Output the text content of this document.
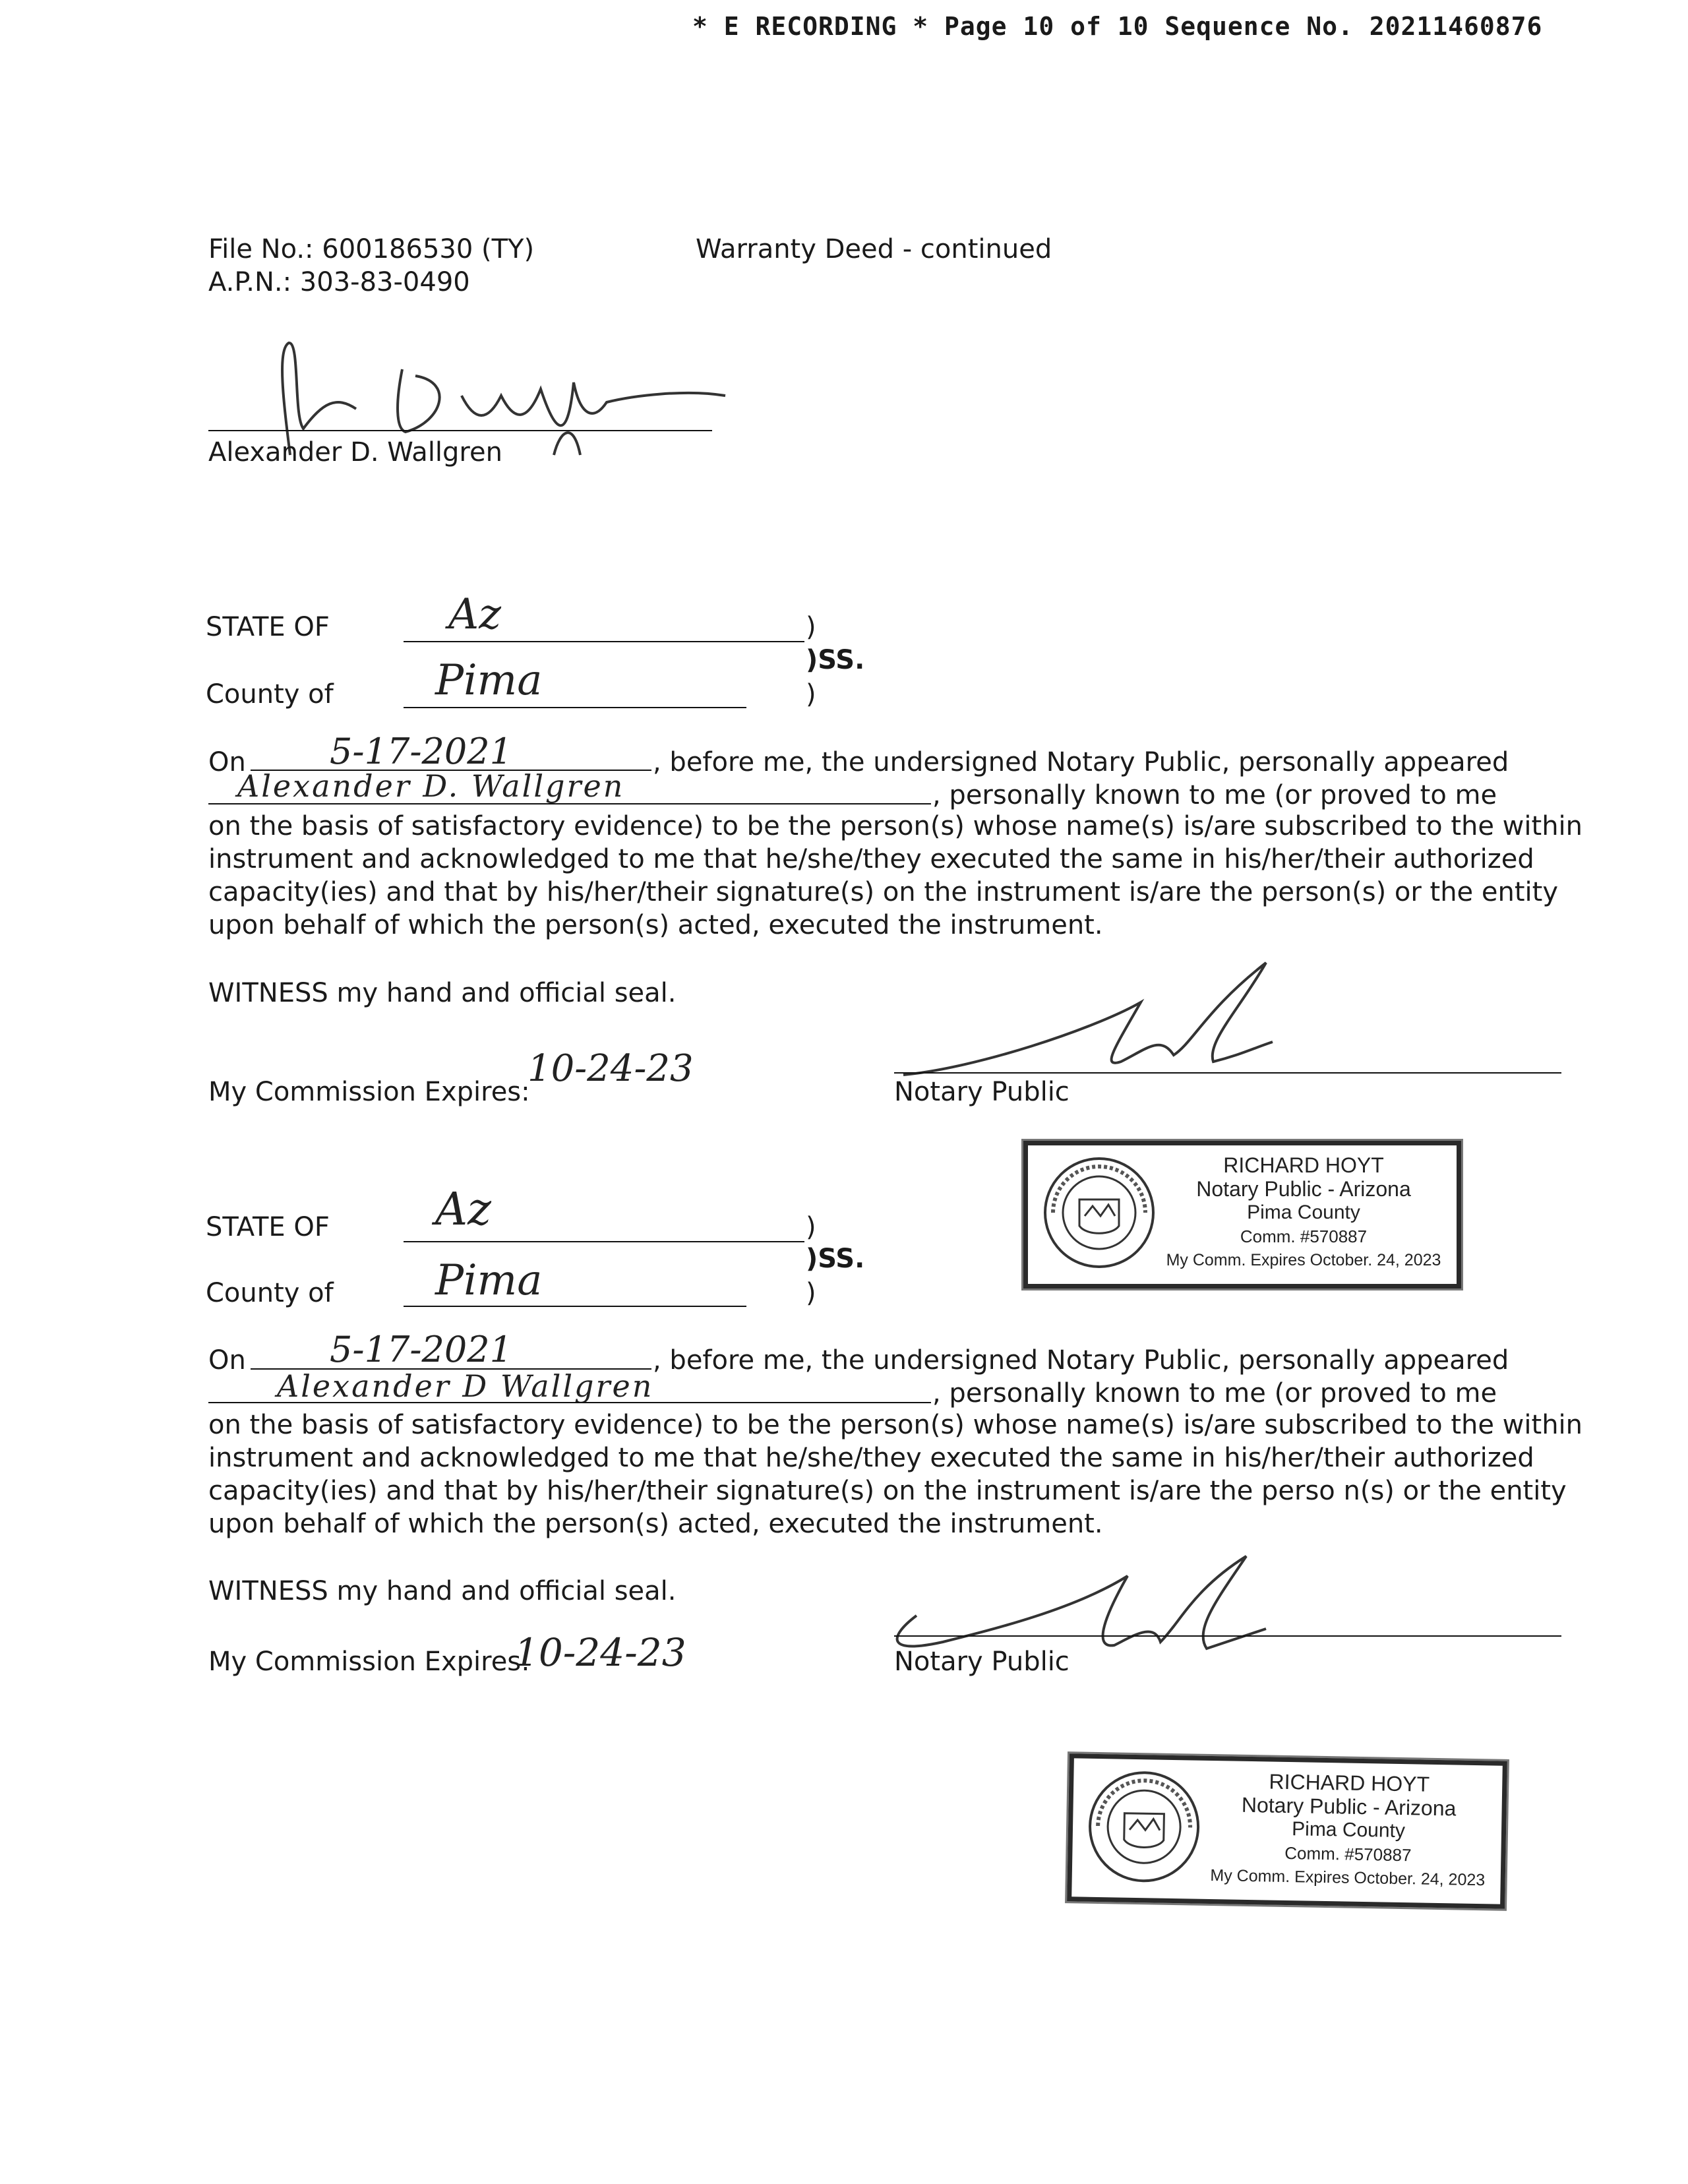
* E RECORDING * Page 10 of 10 Sequence No. 20211460876
File No.: 600186530 (TY)
A.P.N.: 303-83-0490
Warranty Deed - continued
Alexander D. Wallgren
STATE OF	Az	)
)SS.
County of Pima	)
On 5-17-2021	, before me, the undersigned Notary Public, personally appeared
Alexander D. Wallgren	, personally known to me (or proved to me
on the basis of satisfactory evidence) to be the person(s) whose name(s) is/are subscribed to the within
instrument and acknowledged to me that he/she/they executed the same in his/her/their authorized
capacity(ies) and that by his/her/their signature(s) on the instrument is/are the person(s) or the entity
upon behalf of which the person(s) acted, executed the instrument.
WITNESS my hand and official seal.
My Commission Expires:
10-24-23
Notary Public
RICHARD HOYT
Notary Public - Arizona
Pima County
Comm. #570887
My Comm. Expires October. 24, 2023
STATE OF Az	)
)SS.
County of Pima	)
On 5-17-2021	, before me, the undersigned Notary Public, personally appeared
Alexander D Wallgren	, personally known to me (or proved to me
on the basis of satisfactory evidence) to be the person(s) whose name(s) is/are subscribed to the within
instrument and acknowledged to me that he/she/they executed the same in his/her/their authorized
capacity(ies) and that by his/her/their signature(s) on the instrument is/are the perso n(s) or the entity
upon behalf of which the person(s) acted, executed the instrument.
WITNESS my hand and official seal.
My Commission Expires:
10-24-23	Notary Public
RICHARD HOYT
Notary Public - Arizona
Pima County
Comm. #570887
My Comm. Expires October. 24, 2023
